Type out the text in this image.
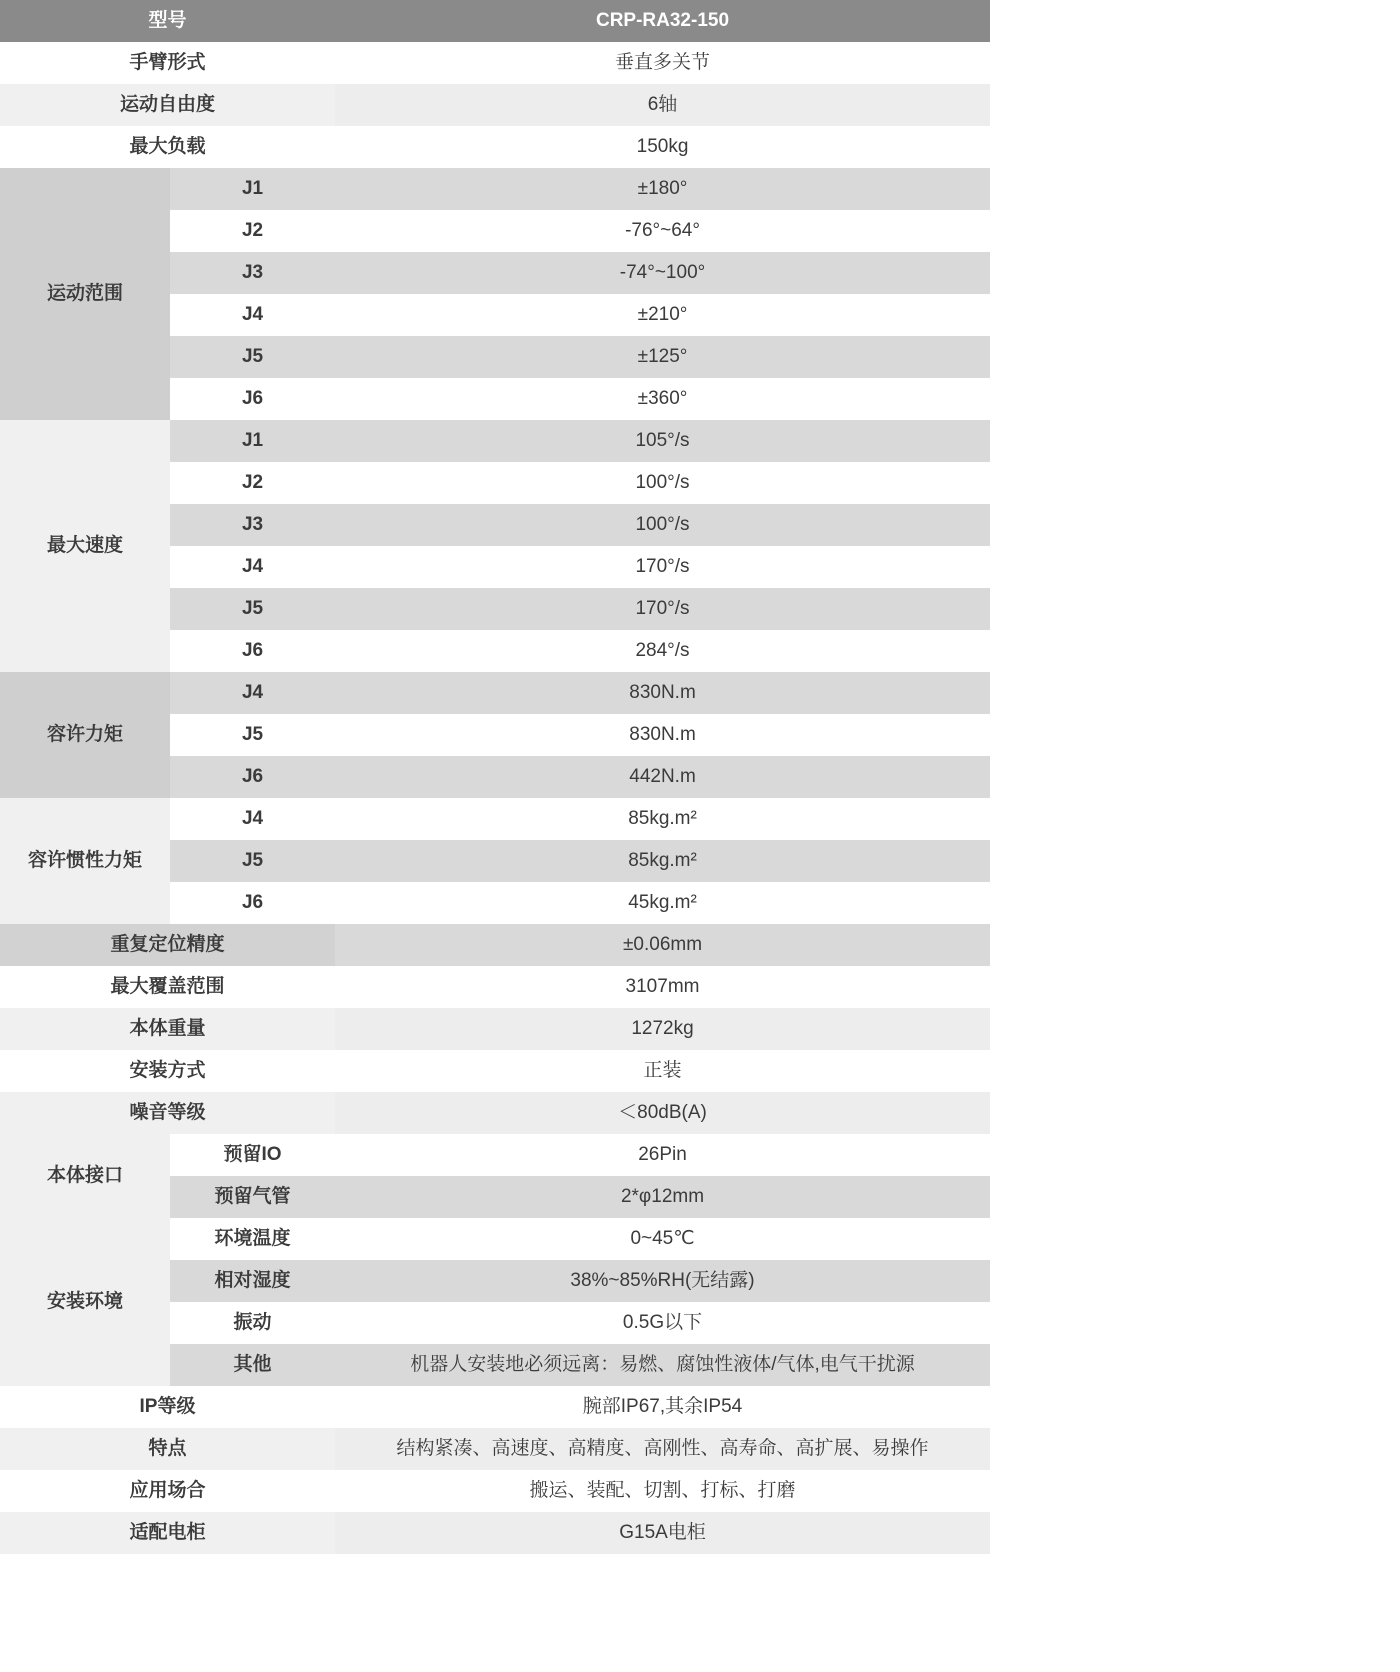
型号		CRP-RA32-150	
手臂形式		垂直多关节	
运动自由度		6轴	
最大负载		150kg	
运动范围	J1	±180°	
	J2	-76°~64°	
	J3	-74°~100°	
	J4	±210°	
	J5	±125°	
	J6	±360°	
最大速度	J1	105°/s	
	J2	100°/s	
	J3	100°/s	
	J4	170°/s	
	J5	170°/s	
	J6	284°/s	
容许力矩	J4	830N.m	
	J5	830N.m	
	J6	442N.m	
容许惯性力矩	J4	85kg.m²	
	J5	85kg.m²	
	J6	45kg.m²	
重复定位精度		±0.06mm	
最大覆盖范围		3107mm	
本体重量		1272kg	
安装方式		正装	
噪音等级		＜80dB(A)	
本体接口	预留IO	26Pin	
	预留气管	2*φ12mm	
安装环境	环境温度	0~45℃	
	相对湿度	38%~85%RH(无结露)	
	振动	0.5G以下	
	其他	机器人安装地必须远离：易燃、腐蚀性液体/气体,电气干扰源	
IP等级		腕部IP67,其余IP54	
特点		结构紧凑、高速度、高精度、高刚性、高寿命、高扩展、易操作	
应用场合		搬运、装配、切割、打标、打磨	
适配电柜		G15A电柜	
